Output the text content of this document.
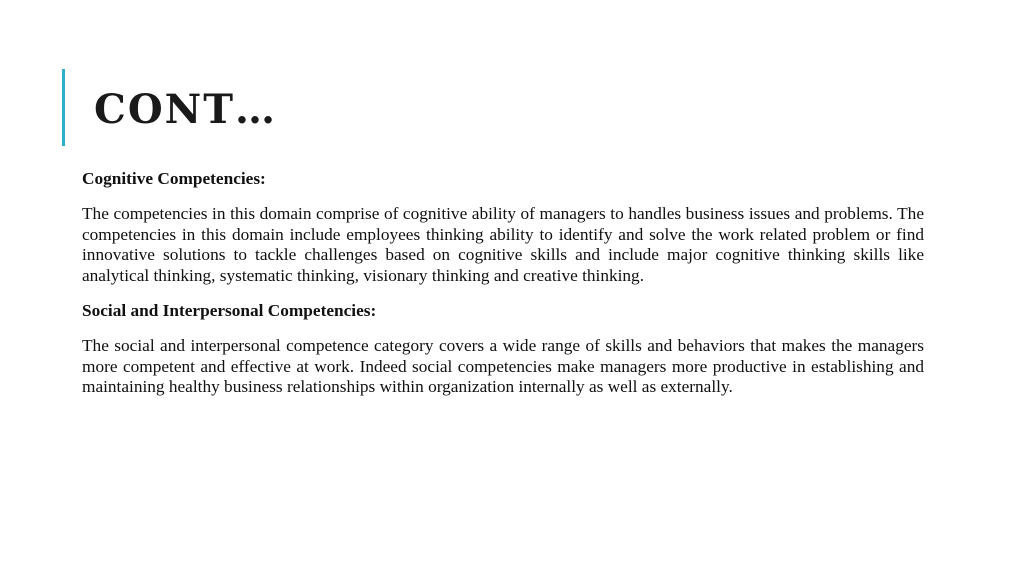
CONT…

Cognitive Competencies:

The competencies in this domain comprise of cognitive ability of managers to handles business issues and problems. The competencies in this domain include employees thinking ability to identify and solve the work related problem or find innovative solutions to tackle challenges based on cognitive skills and include major cognitive thinking skills like analytical thinking, systematic thinking, visionary thinking and creative thinking.

Social and Interpersonal Competencies:

The social and interpersonal competence category covers a wide range of skills and behaviors that makes the managers more competent and effective at work. Indeed social competencies make managers more productive in establishing and maintaining healthy business relationships within organization internally as well as externally.
